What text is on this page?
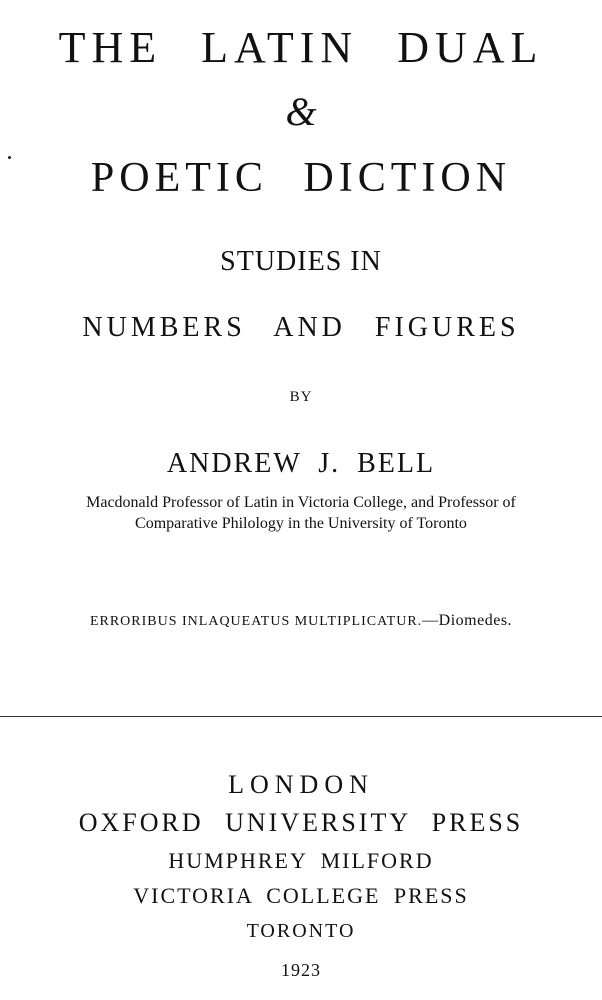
THE LATIN DUAL
&
POETIC DICTION
STUDIES IN
NUMBERS AND FIGURES
BY
ANDREW J. BELL
Macdonald Professor of Latin in Victoria College, and Professor of
Comparative Philology in the University of Toronto
ERRORIBUS INLAQUEATUS MULTIPLICATUR.—Diomedes.
LONDON
OXFORD UNIVERSITY PRESS
HUMPHREY MILFORD
VICTORIA COLLEGE PRESS
TORONTO
1923
